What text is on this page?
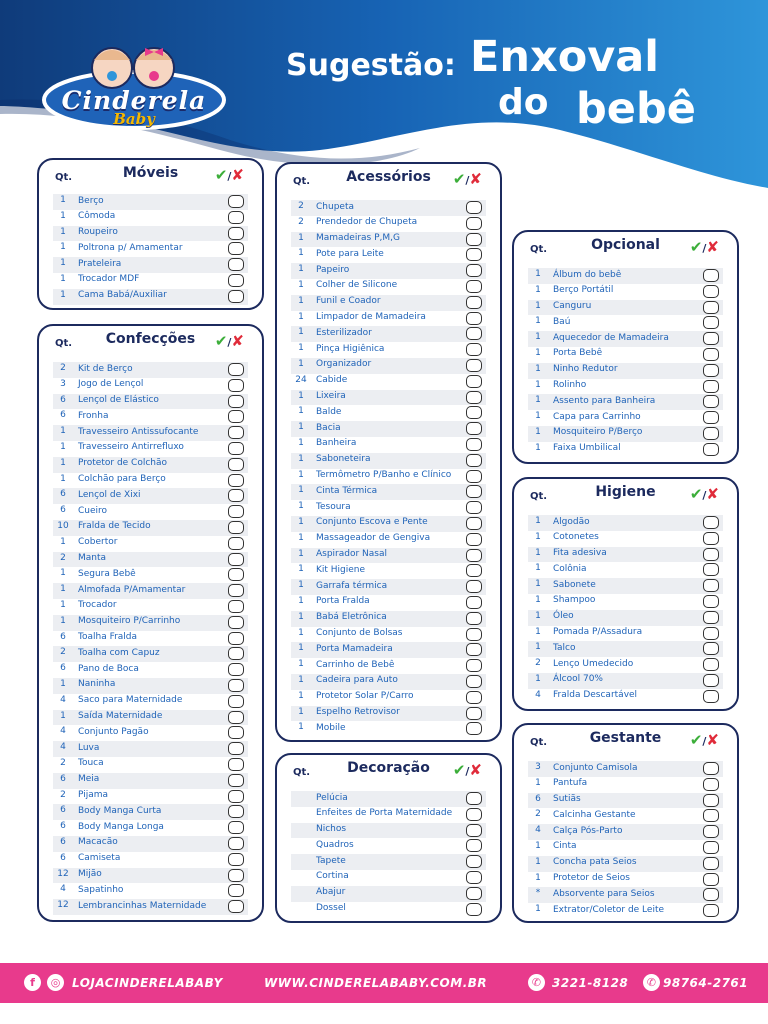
Cinderela
Baby
Sugestão: Enxoval
do bebê
Qt.	Móveis	✔/✘
1	Berço
1	Cômoda
1	Roupeiro
1	Poltrona p/ Amamentar
1	Prateleira
1	Trocador MDF
1	Cama Babá/Auxiliar
Qt.	Confecções	✔/✘
2	Kit de Berço
3	Jogo de Lençol
6	Lençol de Elástico
6	Fronha
1	Travesseiro Antissufocante
1	Travesseiro Antirrefluxo
1	Protetor de Colchão
1	Colchão para Berço
6	Lençol de Xixi
6	Cueiro
10	Fralda de Tecido
1	Cobertor
2	Manta
1	Segura Bebê
1	Almofada P/Amamentar
1	Trocador
1	Mosquiteiro P/Carrinho
6	Toalha Fralda
2	Toalha com Capuz
6	Pano de Boca
1	Naninha
4	Saco para Maternidade
1	Saída Maternidade
4	Conjunto Pagão
4	Luva
2	Touca
6	Meia
2	Pijama
6	Body Manga Curta
6	Body Manga Longa
6	Macacão
6	Camiseta
12	Mijão
4	Sapatinho
12	Lembrancinhas Maternidade
Qt.	Acessórios	✔/✘
2	Chupeta
2	Prendedor de Chupeta
1	Mamadeiras P,M,G
1	Pote para Leite
1	Papeiro
1	Colher de Silicone
1	Funil e Coador
1	Limpador de Mamadeira
1	Esterilizador
1	Pinça Higiênica
1	Organizador
24	Cabide
1	Lixeira
1	Balde
1	Bacia
1	Banheira
1	Saboneteira
1	Termômetro P/Banho e Clínico
1	Cinta Térmica
1	Tesoura
1	Conjunto Escova e Pente
1	Massageador de Gengiva
1	Aspirador Nasal
1	Kit Higiene
1	Garrafa térmica
1	Porta Fralda
1	Babá Eletrônica
1	Conjunto de Bolsas
1	Porta Mamadeira
1	Carrinho de Bebê
1	Cadeira para Auto
1	Protetor Solar P/Carro
1	Espelho Retrovisor
1	Mobile
Qt.	Decoração	✔/✘
Pelúcia
Enfeites de Porta Maternidade
Nichos
Quadros
Tapete
Cortina
Abajur
Dossel
Qt.	Opcional	✔/✘
1	Álbum do bebê
1	Berço Portátil
1	Canguru
1	Baú
1	Aquecedor de Mamadeira
1	Porta Bebê
1	Ninho Redutor
1	Rolinho
1	Assento para Banheira
1	Capa para Carrinho
1	Mosquiteiro P/Berço
1	Faixa Umbilical
Qt.	Higiene	✔/✘
1	Algodão
1	Cotonetes
1	Fita adesiva
1	Colônia
1	Sabonete
1	Shampoo
1	Óleo
1	Pomada P/Assadura
1	Talco
2	Lenço Umedecido
1	Álcool 70%
4	Fralda Descartável
Qt.	Gestante	✔/✘
3	Conjunto Camisola
1	Pantufa
6	Sutiãs
2	Calcinha Gestante
4	Calça Pós-Parto
1	Cinta
1	Concha pata Seios
1	Protetor de Seios
*	Absorvente para Seios
1	Extrator/Coletor de Leite
f	◎ LOJACINDERELABABY	WWW.CINDERELABABY.COM.BR	✆ 3221-8128	✆ 98764-2761
